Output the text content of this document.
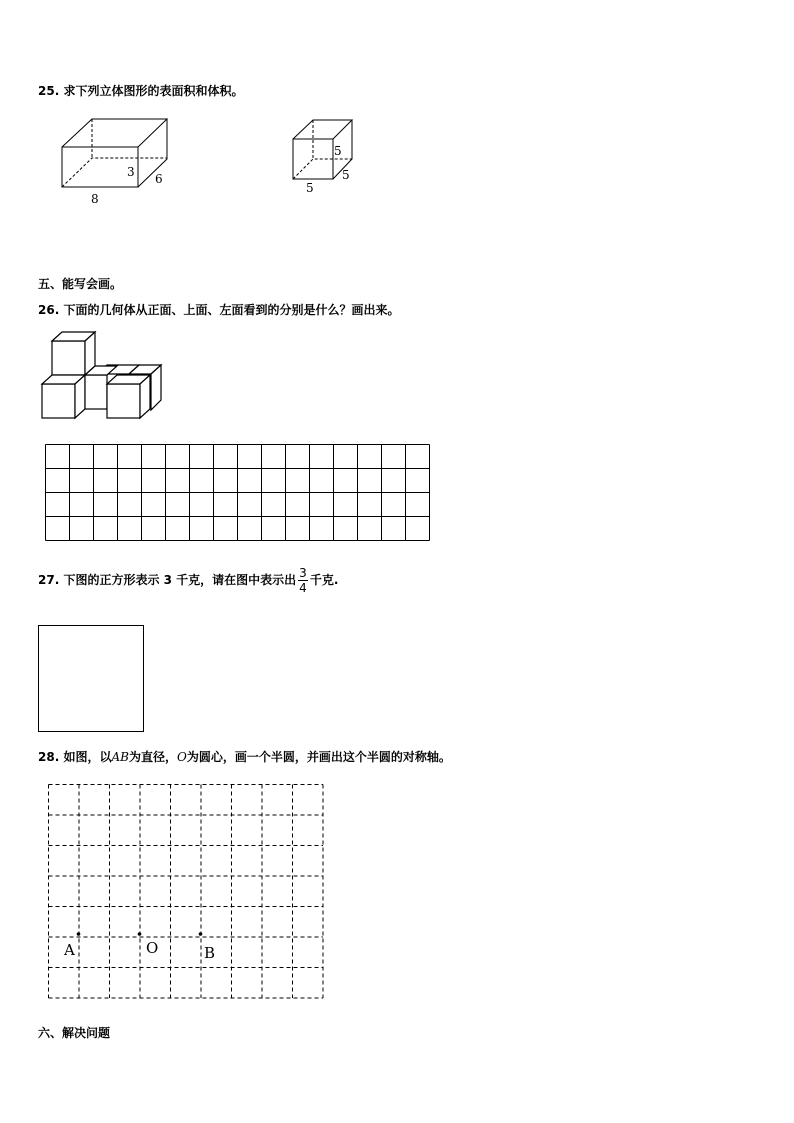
25. 求下列立体图形的表面积和体积。
8
3 6
5
5
5
五、能写会画。
26. 下面的几何体从正面、上面、左面看到的分别是什么？画出来。
27. 下图的正方形表示 3 千克，请在图中表示出 $\frac{3}{4}$ 千克.
28. 如图，以AB为直径，O为圆心，画一个半圆，并画出这个半圆的对称轴。
A	O	B
六、解决问题
